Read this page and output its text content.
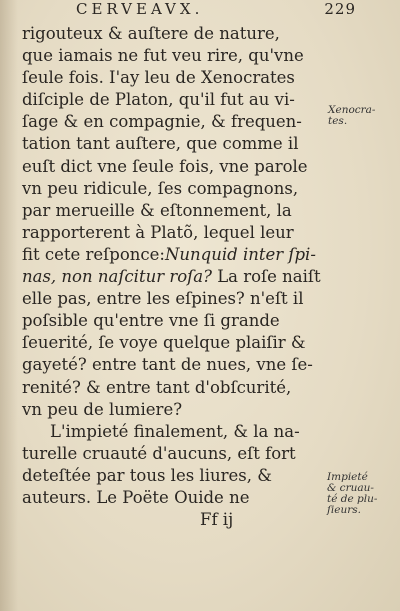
CERVEAVX.	229
rigouteux & auſtere de nature,
que iamais ne fut veu rire, qu'vne
ſeule fois. I'ay leu de Xenocrates
diſciple de Platon, qu'il fut au vi-
ſage & en compagnie, & frequen-
tation tant auſtere, que comme il
euſt dict vne ſeule fois, vne parole
vn peu ridicule, ſes compagnons,
par merueille & eſtonnement, la
rapporterent à Platõ, lequel leur
fit cete reſponce:Nunquid inter ſpi-
nas, non naſcitur roſa? La roſe naiſt
elle pas, entre les eſpines? n'eſt il
poſsible qu'entre vne ſi grande
ſeuerité, ſe voye quelque plaiſir &
gayeté? entre tant de nues, vne ſe-
renité? & entre tant d'obſcurité,
vn peu de lumiere?
L'impieté finalement, & la na-
turelle cruauté d'aucuns, eſt fort
deteſtée par tous les liures, &
auteurs. Le Poëte Ouide ne
Ff ij
Xenocra-
tes.
Impieté
& cruau-
té de plu-
ſieurs.
